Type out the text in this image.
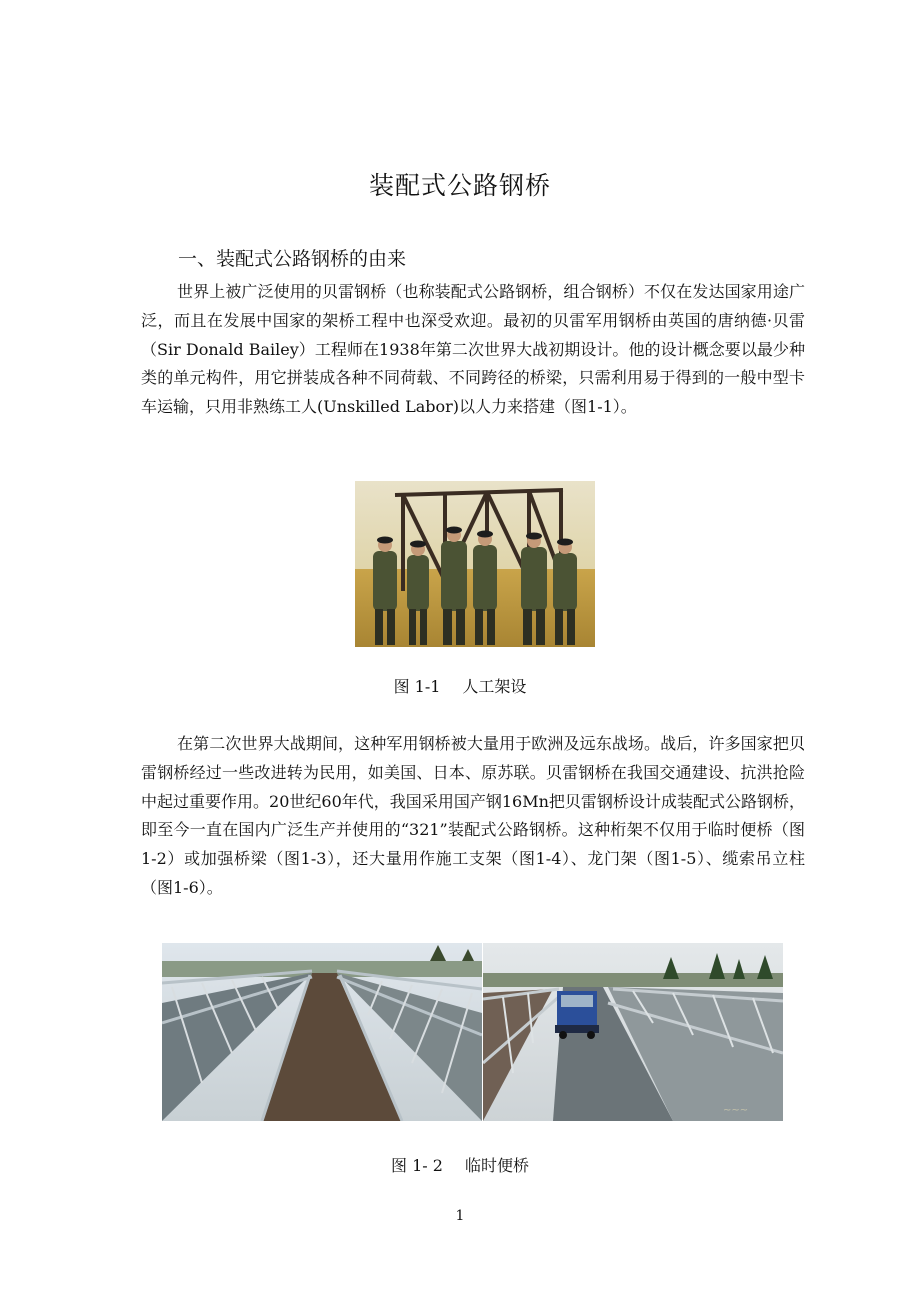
装配式公路钢桥
一、装配式公路钢桥的由来

世界上被广泛使用的贝雷钢桥（也称装配式公路钢桥，组合钢桥）不仅在发达国家用途广泛，而且在发展中国家的架桥工程中也深受欢迎。最初的贝雷军用钢桥由英国的唐纳德·贝雷（Sir Donald Bailey）工程师在1938年第二次世界大战初期设计。他的设计概念要以最少种类的单元构件，用它拼装成各种不同荷载、不同跨径的桥梁，只需利用易于得到的一般中型卡车运输，只用非熟练工人(Unskilled Labor)以人力来搭建（图1-1）。

图 1-1 人工架设

在第二次世界大战期间，这种军用钢桥被大量用于欧洲及远东战场。战后，许多国家把贝雷钢桥经过一些改进转为民用，如美国、日本、原苏联。贝雷钢桥在我国交通建设、抗洪抢险中起过重要作用。20世纪60年代，我国采用国产钢16Mn把贝雷钢桥设计成装配式公路钢桥，即至今一直在国内广泛生产并使用的“321”装配式公路钢桥。这种桁架不仅用于临时便桥（图1-2）或加强桥梁（图1-3），还大量用作施工支架（图1-4）、龙门架（图1-5）、缆索吊立柱（图1-6）。

~~~

图 1- 2 临时便桥

1
